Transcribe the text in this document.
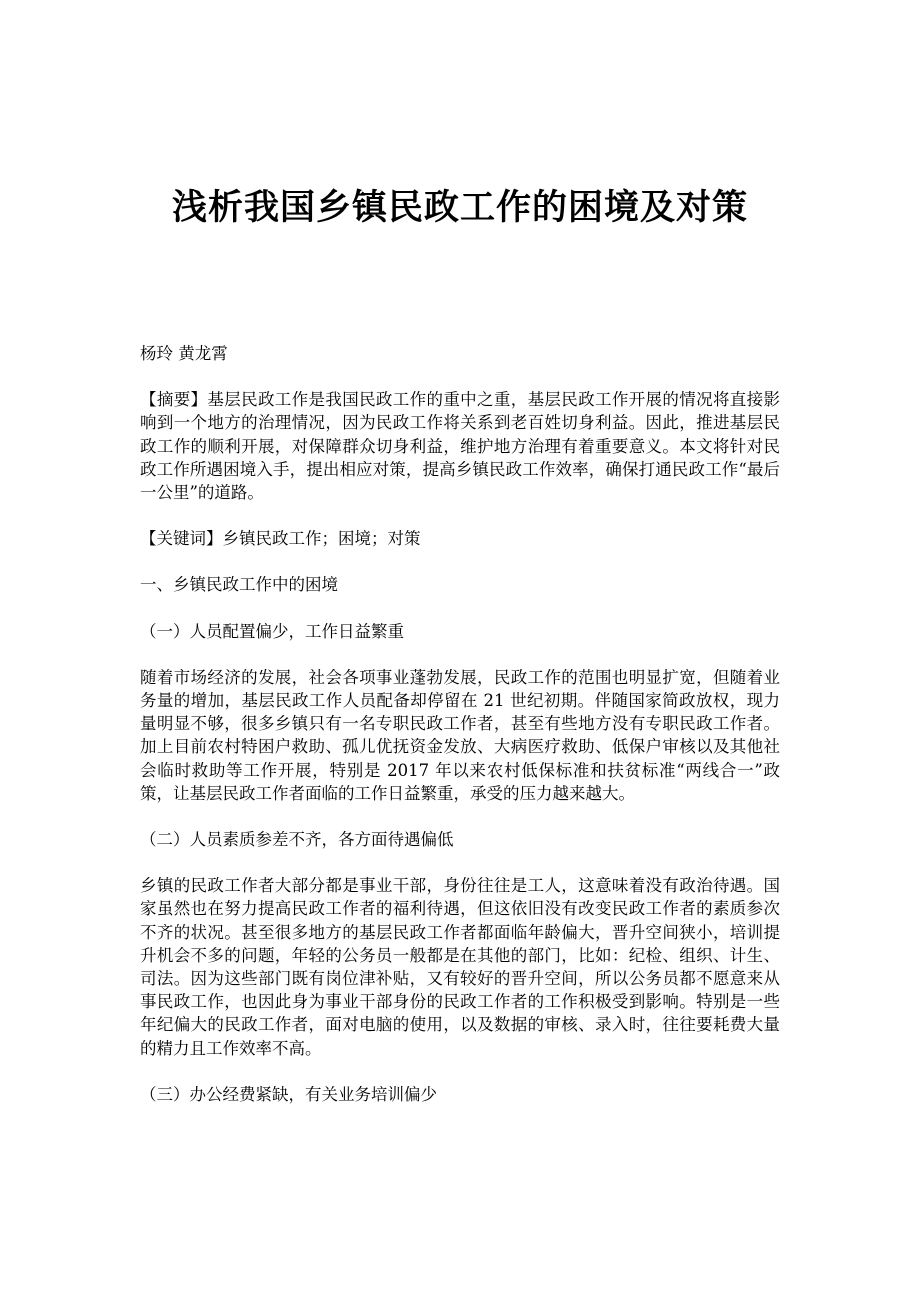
浅析我国乡镇民政工作的困境及对策

杨玲 黄龙霄

【摘要】基层民政工作是我国民政工作的重中之重，基层民政工作开展的情况将直接影响到一个地方的治理情况，因为民政工作将关系到老百姓切身利益。因此，推进基层民政工作的顺利开展，对保障群众切身利益，维护地方治理有着重要意义。本文将针对民政工作所遇困境入手，提出相应对策，提高乡镇民政工作效率，确保打通民政工作“最后一公里”的道路。

【关键词】乡镇民政工作；困境；对策

一、乡镇民政工作中的困境

（一）人员配置偏少，工作日益繁重

随着市场经济的发展，社会各项事业蓬勃发展，民政工作的范围也明显扩宽，但随着业务量的增加，基层民政工作人员配备却停留在 21 世纪初期。伴随国家简政放权，现力量明显不够，很多乡镇只有一名专职民政工作者，甚至有些地方没有专职民政工作者。加上目前农村特困户救助、孤儿优抚资金发放、大病医疗救助、低保户审核以及其他社会临时救助等工作开展，特别是 2017 年以来农村低保标准和扶贫标准“两线合一”政策，让基层民政工作者面临的工作日益繁重，承受的压力越来越大。

（二）人员素质参差不齐，各方面待遇偏低

乡镇的民政工作者大部分都是事业干部，身份往往是工人，这意味着没有政治待遇。国家虽然也在努力提高民政工作者的福利待遇，但这依旧没有改变民政工作者的素质参次不齐的状况。甚至很多地方的基层民政工作者都面临年龄偏大，晋升空间狭小，培训提升机会不多的问题，年轻的公务员一般都是在其他的部门，比如：纪检、组织、计生、司法。因为这些部门既有岗位津补贴，又有较好的晋升空间，所以公务员都不愿意来从事民政工作，也因此身为事业干部身份的民政工作者的工作积极受到影响。特别是一些年纪偏大的民政工作者，面对电脑的使用，以及数据的审核、录入时，往往要耗费大量的精力且工作效率不高。

（三）办公经费紧缺，有关业务培训偏少
